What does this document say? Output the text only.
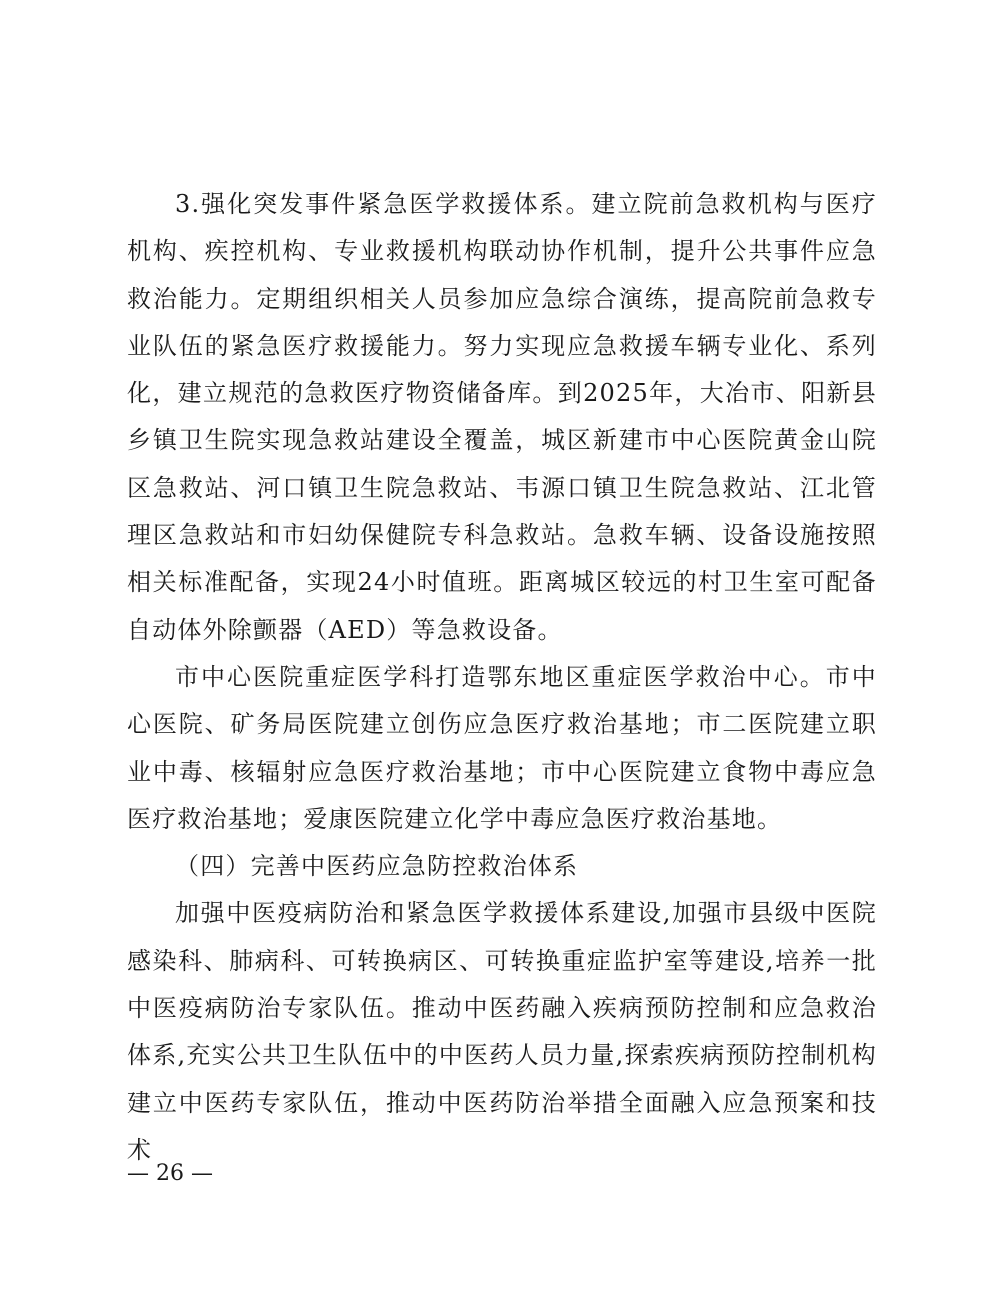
3.强化突发事件紧急医学救援体系。建立院前急救机构与医疗机构、疾控机构、专业救援机构联动协作机制，提升公共事件应急救治能力。定期组织相关人员参加应急综合演练，提高院前急救专业队伍的紧急医疗救援能力。努力实现应急救援车辆专业化、系列化，建立规范的急救医疗物资储备库。到2025年，大冶市、阳新县乡镇卫生院实现急救站建设全覆盖，城区新建市中心医院黄金山院区急救站、河口镇卫生院急救站、韦源口镇卫生院急救站、江北管理区急救站和市妇幼保健院专科急救站。急救车辆、设备设施按照相关标准配备，实现24小时值班。距离城区较远的村卫生室可配备自动体外除颤器（AED）等急救设备。

市中心医院重症医学科打造鄂东地区重症医学救治中心。市中心医院、矿务局医院建立创伤应急医疗救治基地；市二医院建立职业中毒、核辐射应急医疗救治基地；市中心医院建立食物中毒应急医疗救治基地；爱康医院建立化学中毒应急医疗救治基地。

（四）完善中医药应急防控救治体系

加强中医疫病防治和紧急医学救援体系建设,加强市县级中医院感染科、肺病科、可转换病区、可转换重症监护室等建设,培养一批中医疫病防治专家队伍。推动中医药融入疾病预防控制和应急救治体系,充实公共卫生队伍中的中医药人员力量,探索疾病预防控制机构建立中医药专家队伍，推动中医药防治举措全面融入应急预案和技术

— 26 —
